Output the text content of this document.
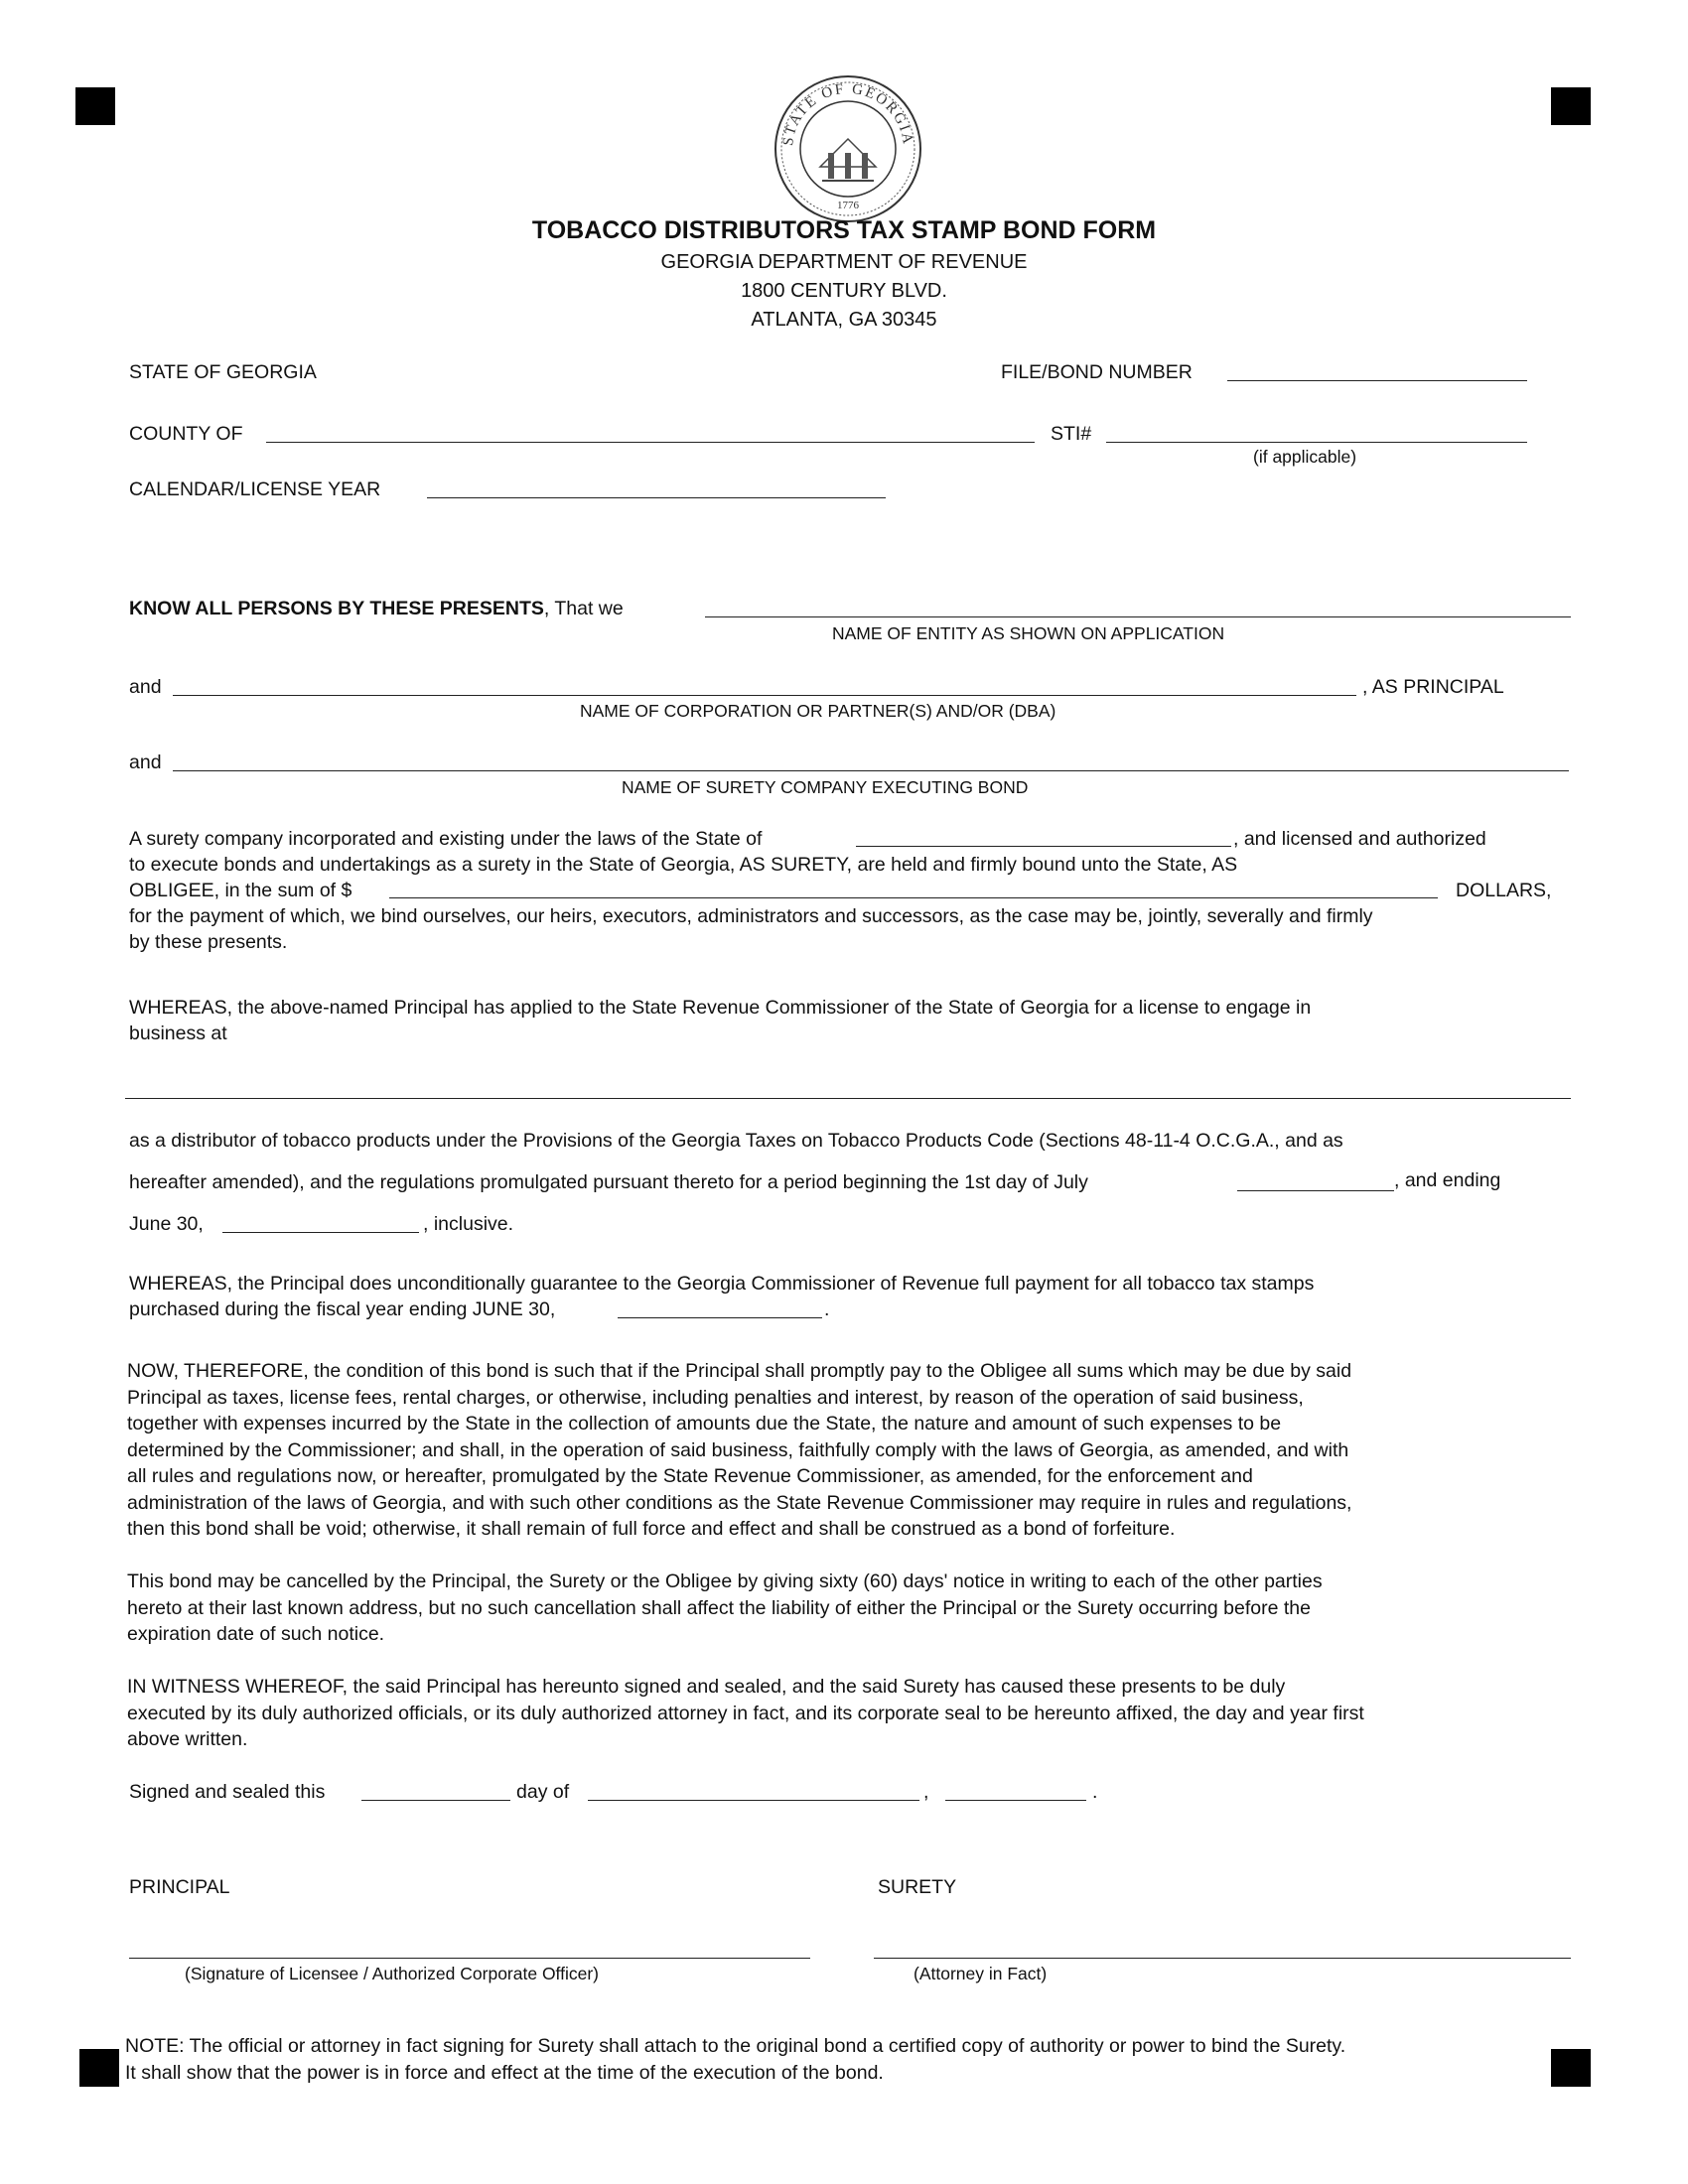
STATE OF GEORGIA
1776
TOBACCO DISTRIBUTORS TAX STAMP BOND FORM
GEORGIA DEPARTMENT OF REVENUE
1800 CENTURY BLVD.
ATLANTA, GA 30345
STATE OF GEORGIA	FILE/BOND NUMBER
COUNTY OF	STI#
(if applicable)
CALENDAR/LICENSE YEAR
KNOW ALL PERSONS BY THESE PRESENTS, That we
NAME OF ENTITY AS SHOWN ON APPLICATION
and	, AS PRINCIPAL
NAME OF CORPORATION OR PARTNER(S) AND/OR (DBA)
and
NAME OF SURETY COMPANY EXECUTING BOND
A surety company incorporated and existing under the laws of the State of	, and licensed and authorized
to execute bonds and undertakings as a surety in the State of Georgia, AS SURETY, are held and firmly bound unto the State, AS
OBLIGEE, in the sum of $	DOLLARS,
for the payment of which, we bind ourselves, our heirs, executors, administrators and successors, as the case may be, jointly, severally and firmly
by these presents.
WHEREAS, the above-named Principal has applied to the State Revenue Commissioner of the State of Georgia for a license to engage in
business at
as a distributor of tobacco products under the Provisions of the Georgia Taxes on Tobacco Products Code (Sections 48-11-4 O.C.G.A., and as
hereafter amended), and the regulations promulgated pursuant thereto for a period beginning the 1st day of July	, and ending
June 30,	, inclusive.
WHEREAS, the Principal does unconditionally guarantee to the Georgia Commissioner of Revenue full payment for all tobacco tax stamps
purchased during the fiscal year ending JUNE 30,	.
NOW, THEREFORE, the condition of this bond is such that if the Principal shall promptly pay to the Obligee all sums which may be due by said
Principal as taxes, license fees, rental charges, or otherwise, including penalties and interest, by reason of the operation of said business,
together with expenses incurred by the State in the collection of amounts due the State, the nature and amount of such expenses to be
determined by the Commissioner; and shall, in the operation of said business, faithfully comply with the laws of Georgia, as amended, and with
all rules and regulations now, or hereafter, promulgated by the State Revenue Commissioner, as amended, for the enforcement and
administration of the laws of Georgia, and with such other conditions as the State Revenue Commissioner may require in rules and regulations,
then this bond shall be void; otherwise, it shall remain of full force and effect and shall be construed as a bond of forfeiture.
This bond may be cancelled by the Principal, the Surety or the Obligee by giving sixty (60) days' notice in writing to each of the other parties
hereto at their last known address, but no such cancellation shall affect the liability of either the Principal or the Surety occurring before the
expiration date of such notice.
IN WITNESS WHEREOF, the said Principal has hereunto signed and sealed, and the said Surety has caused these presents to be duly
executed by its duly authorized officials, or its duly authorized attorney in fact, and its corporate seal to be hereunto affixed, the day and year first
above written.
Signed and sealed this	day of	,	.
PRINCIPAL	SURETY
(Signature of Licensee / Authorized Corporate Officer)	(Attorney in Fact)
NOTE: The official or attorney in fact signing for Surety shall attach to the original bond a certified copy of authority or power to bind the Surety.
It shall show that the power is in force and effect at the time of the execution of the bond.
